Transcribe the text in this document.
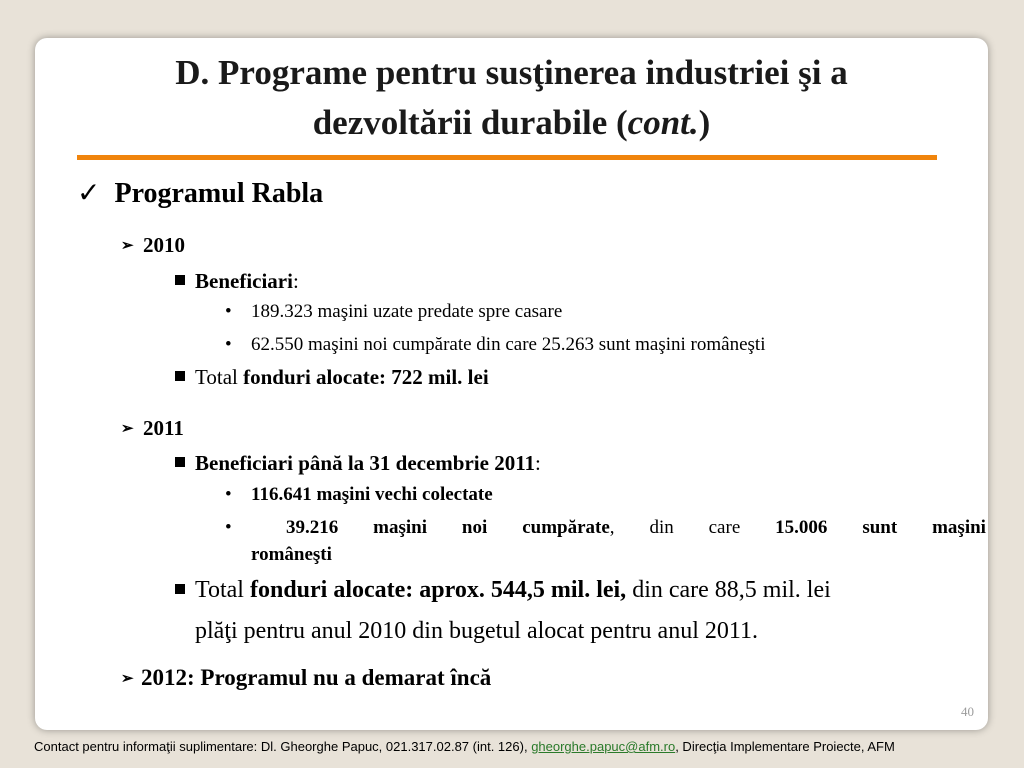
D. Programe pentru susţinerea industriei şi a
dezvoltării durabile (cont.)
✓ Programul Rabla
➢ 2010
Beneficiari:
• 189.323 maşini uzate predate spre casare
• 62.550 maşini noi cumpărate din care 25.263 sunt maşini româneşti
Total fonduri alocate: 722 mil. lei
➢ 2011
Beneficiari până la 31 decembrie 2011:
• 116.641 maşini vechi colectate
•	39.216 maşini noi cumpărate, din care 15.006 sunt maşini
româneşti
Total fonduri alocate: aprox. 544,5 mil. lei, din care 88,5 mil. lei
plăţi pentru anul 2010 din bugetul alocat pentru anul 2011.
➢ 2012: Programul nu a demarat încă
40
Contact pentru informaţii suplimentare: Dl. Gheorghe Papuc, 021.317.02.87 (int. 126), gheorghe.papuc@afm.ro, Direcţia Implementare Proiecte, AFM
